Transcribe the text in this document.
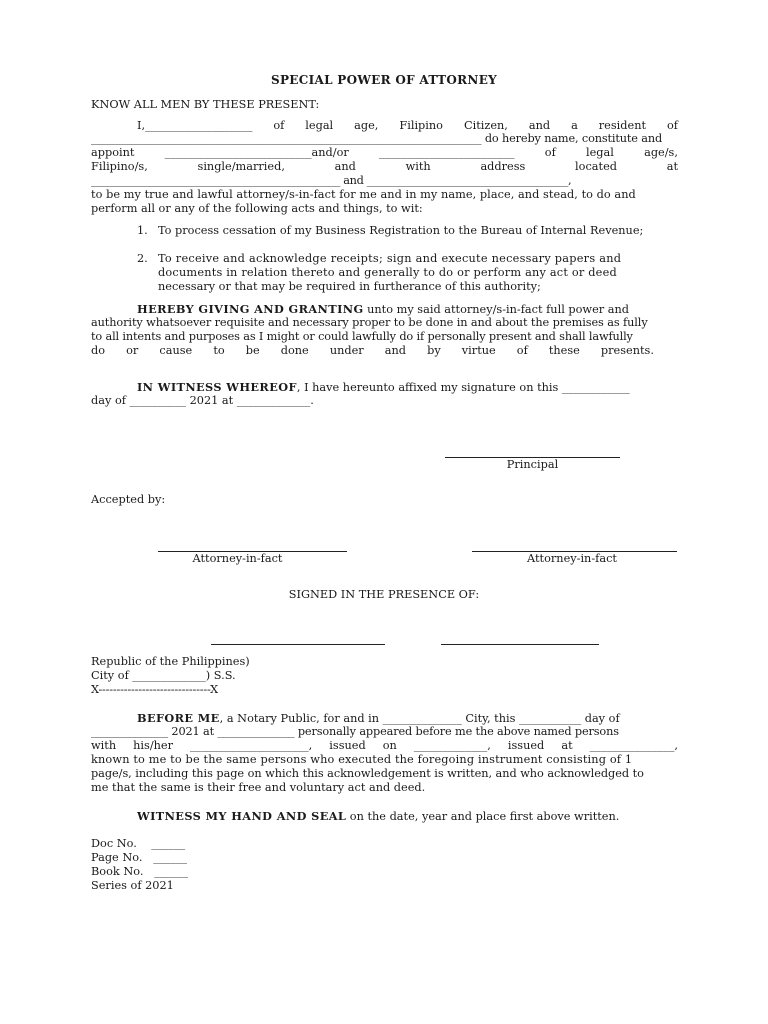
SPECIAL POWER OF ATTORNEY
KNOW ALL MEN BY THESE PRESENT:
I,___________________ of legal age, Filipino Citizen, and a resident of
_______________________________________________________________________ do hereby name, constitute and
appoint	__________________________and/or	________________________	of	legal	age/s,
Filipino/s,	single/married,	and	with	address	located	at
_______________________________________________ and ______________________________________,
to be my true and lawful attorney/s-in-fact for me and in my name, place, and stead, to do and
perform all or any of the following acts and things, to wit:
1. To process cessation of my Business Registration to the Bureau of Internal Revenue;
2. To receive and acknowledge receipts; sign and execute necessary papers and
documents in relation thereto and generally to do or perform any act or deed
necessary or that may be required in furtherance of this authority;
HEREBY GIVING AND GRANTING unto my said attorney/s-in-fact full power and
authority whatsoever requisite and necessary proper to be done in and about the premises as fully
to all intents and purposes as I might or could lawfully do if personally present and shall lawfully
do or cause to be done under and by virtue of these presents.
IN WITNESS WHEREOF, I have hereunto affixed my signature on this ____________
day of __________ 2021 at _____________.
Principal
Accepted by:
Attorney-in-fact	Attorney-in-fact
SIGNED IN THE PRESENCE OF:
Republic of the Philippines)
City of _____________) S.S.
X-------------------------------X
BEFORE ME, a Notary Public, for and in ______________ City, this ___________ day of
______________ 2021 at ______________ personally appeared before me the above named persons
with his/her _____________________, issued on _____________, issued at _______________,
known to me to be the same persons who executed the foregoing instrument consisting of 1
page/s, including this page on which this acknowledgement is written, and who acknowledged to
me that the same is their free and voluntary act and deed.
WITNESS MY HAND AND SEAL on the date, year and place first above written.
Doc No.    ______
Page No.   ______
Book No.   ______
Series of 2021
